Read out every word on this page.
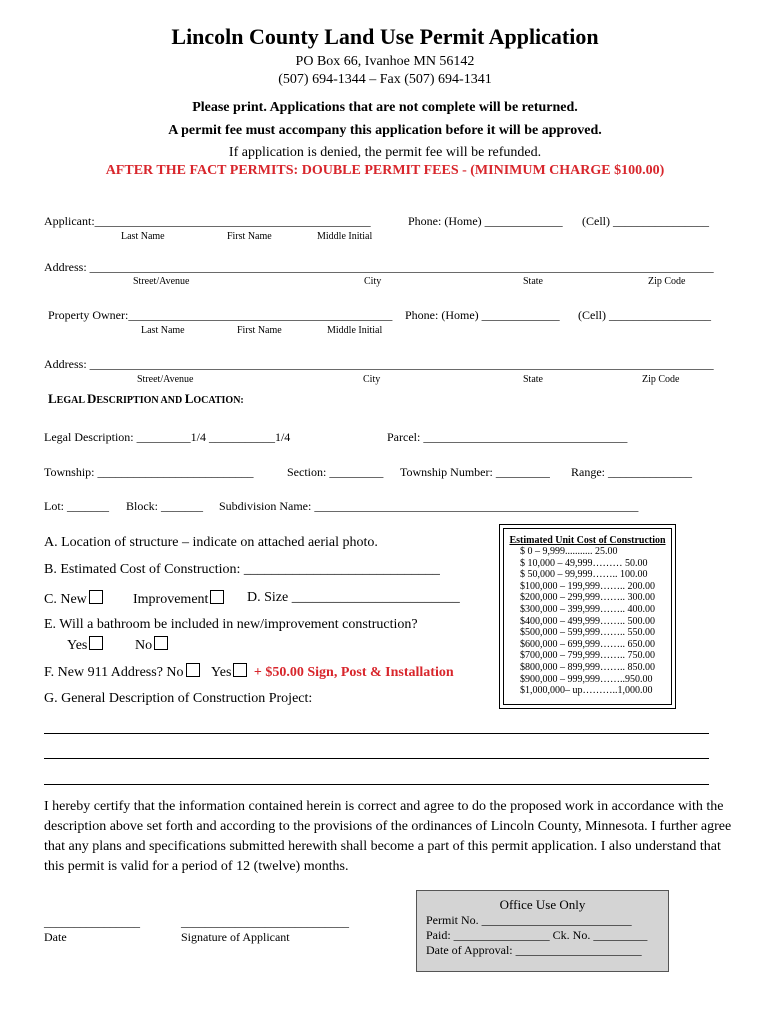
Lincoln County Land Use Permit Application
PO Box 66, Ivanhoe MN 56142
(507) 694-1344 – Fax (507) 694-1341
Please print. Applications that are not complete will be returned.
A permit fee must accompany this application before it will be approved.
If application is denied, the permit fee will be refunded.
AFTER THE FACT PERMITS: DOUBLE PERMIT FEES - (MINIMUM CHARGE $100.00)
Applicant:______________________________________________	Phone: (Home) _____________ (Cell) ________________
Last Name	First Name	Middle Initial
Address: ________________________________________________________________________________________________________
Street/Avenue	City	State	Zip Code
Property Owner:____________________________________________ Phone: (Home) _____________ (Cell) _________________
Last Name	First Name	Middle Initial
Address: ________________________________________________________________________________________________________
Street/Avenue	City	State	Zip Code
LEGAL DESCRIPTION AND LOCATION:
Legal Description: _________1/4 ___________1/4	Parcel: __________________________________
Township: __________________________	Section: _________ Township Number: _________ Range: ______________
Lot: _______ Block: _______ Subdivision Name: ______________________________________________________
A. Location of structure – indicate on attached aerial photo.
B. Estimated Cost of Construction: ____________________________
C. New	Improvement	D. Size ________________________
E. Will a bathroom be included in new/improvement construction?
Yes	No
F. New 911 Address? No Yes + $50.00 Sign, Post & Installation
G. General Description of Construction Project:
Estimated Unit Cost of Construction
$ 0 – 9,999........... 25.00
$ 10,000 – 49,999……… 50.00
$ 50,000 – 99,999…….. 100.00
$100,000 – 199,999…….. 200.00
$200,000 – 299,999…….. 300.00
$300,000 – 399,999…….. 400.00
$400,000 – 499,999…….. 500.00
$500,000 – 599,999…….. 550.00
$600,000 – 699,999…….. 650.00
$700,000 – 799,999…….. 750.00
$800,000 – 899,999…….. 850.00
$900,000 – 999,999……..950.00
$1,000,000– up………..1,000.00
I hereby certify that the information contained herein is correct and agree to do the proposed work in accordance with the description above set forth and according to the provisions of the ordinances of Lincoln County, Minnesota. I further agree that any plans and specifications submitted herewith shall become a part of this permit application. I also understand that this permit is valid for a period of 12 (twelve) months.
________________
Date
____________________________
Signature of Applicant
Office Use Only
Permit No. _________________________
Paid: ________________ Ck. No. _________
Date of Approval: _____________________
